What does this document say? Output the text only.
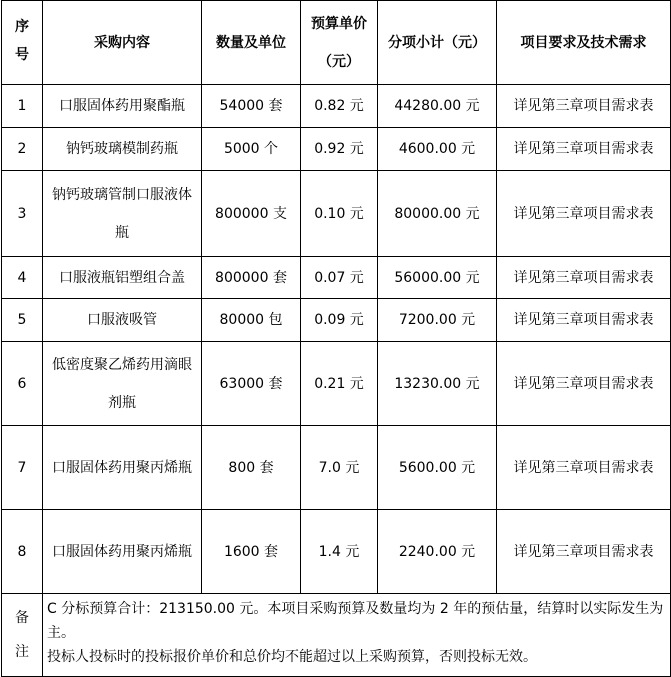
序号	采购内容	数量及单位	预算单价（元）	分项小计（元）	项目要求及技术需求
1	口服固体药用聚酯瓶	54000 套	0.82 元	44280.00 元	详见第三章项目需求表
2	钠钙玻璃模制药瓶	5000 个	0.92 元	4600.00 元	详见第三章项目需求表
3	钠钙玻璃管制口服液体瓶	800000 支	0.10 元	80000.00 元	详见第三章项目需求表
4	口服液瓶铝塑组合盖	800000 套	0.07 元	56000.00 元	详见第三章项目需求表
5	口服液吸管	80000 包	0.09 元	7200.00 元	详见第三章项目需求表
6	低密度聚乙烯药用滴眼剂瓶	63000 套	0.21 元	13230.00 元	详见第三章项目需求表
7	口服固体药用聚丙烯瓶	800 套	7.0 元	5600.00 元	详见第三章项目需求表
8	口服固体药用聚丙烯瓶	1600 套	1.4 元	2240.00 元	详见第三章项目需求表
备注	C 分标预算合计：213150.00 元。本项目采购预算及数量均为 2 年的预估量，结算时以实际发生为主。
投标人投标时的投标报价单价和总价均不能超过以上采购预算，否则投标无效。				
